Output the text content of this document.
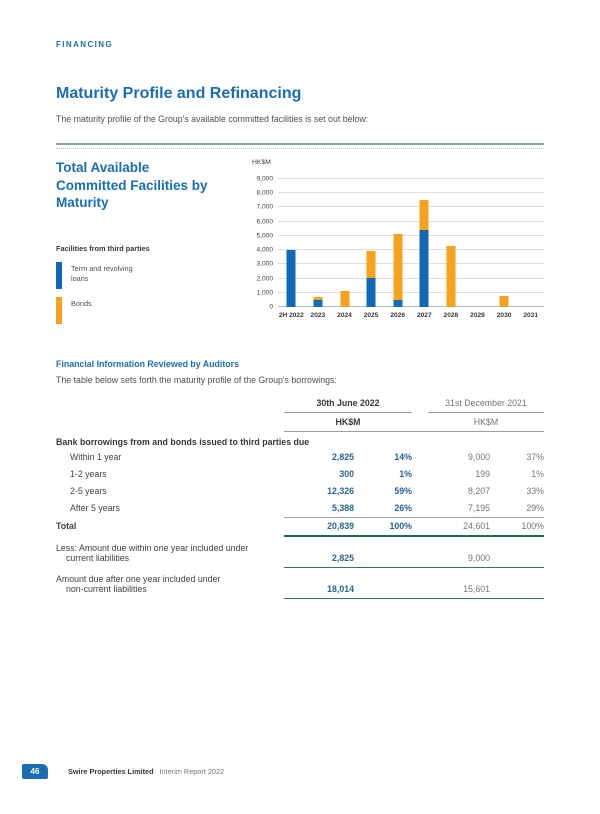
FINANCING
Maturity Profile and Refinancing
The maturity profile of the Group's available committed facilities is set out below:
Total Available Committed Facilities by Maturity
Facilities from third parties
Term and revolving loans
Bonds
HK$M
0
1,000
2,000
3,000
4,000
5,000
6,000
7,000
8,000
9,000
2H 2022 2023 2024 2025 2026 2027 2028 2029 2030 2031
Financial Information Reviewed by Auditors
The table below sets forth the maturity profile of the Group's borrowings:
30th June 2022	31st December 2021
HK$M	HK$M
Bank borrowings from and bonds issued to third parties due
Within 1 year	2,825	14%	9,000	37%
1-2 years	300	1%	199	1%
2-5 years	12,326	59%	8,207	33%
After 5 years	5,388	26%	7,195	29%
Total	20,839	100%	24,601	100%
Less: Amount due within one year included under
current liabilities	2,825	9,000
Amount due after one year included under
non-current liabilities	18,014	15,601
46	Swire Properties Limited Interim Report 2022
